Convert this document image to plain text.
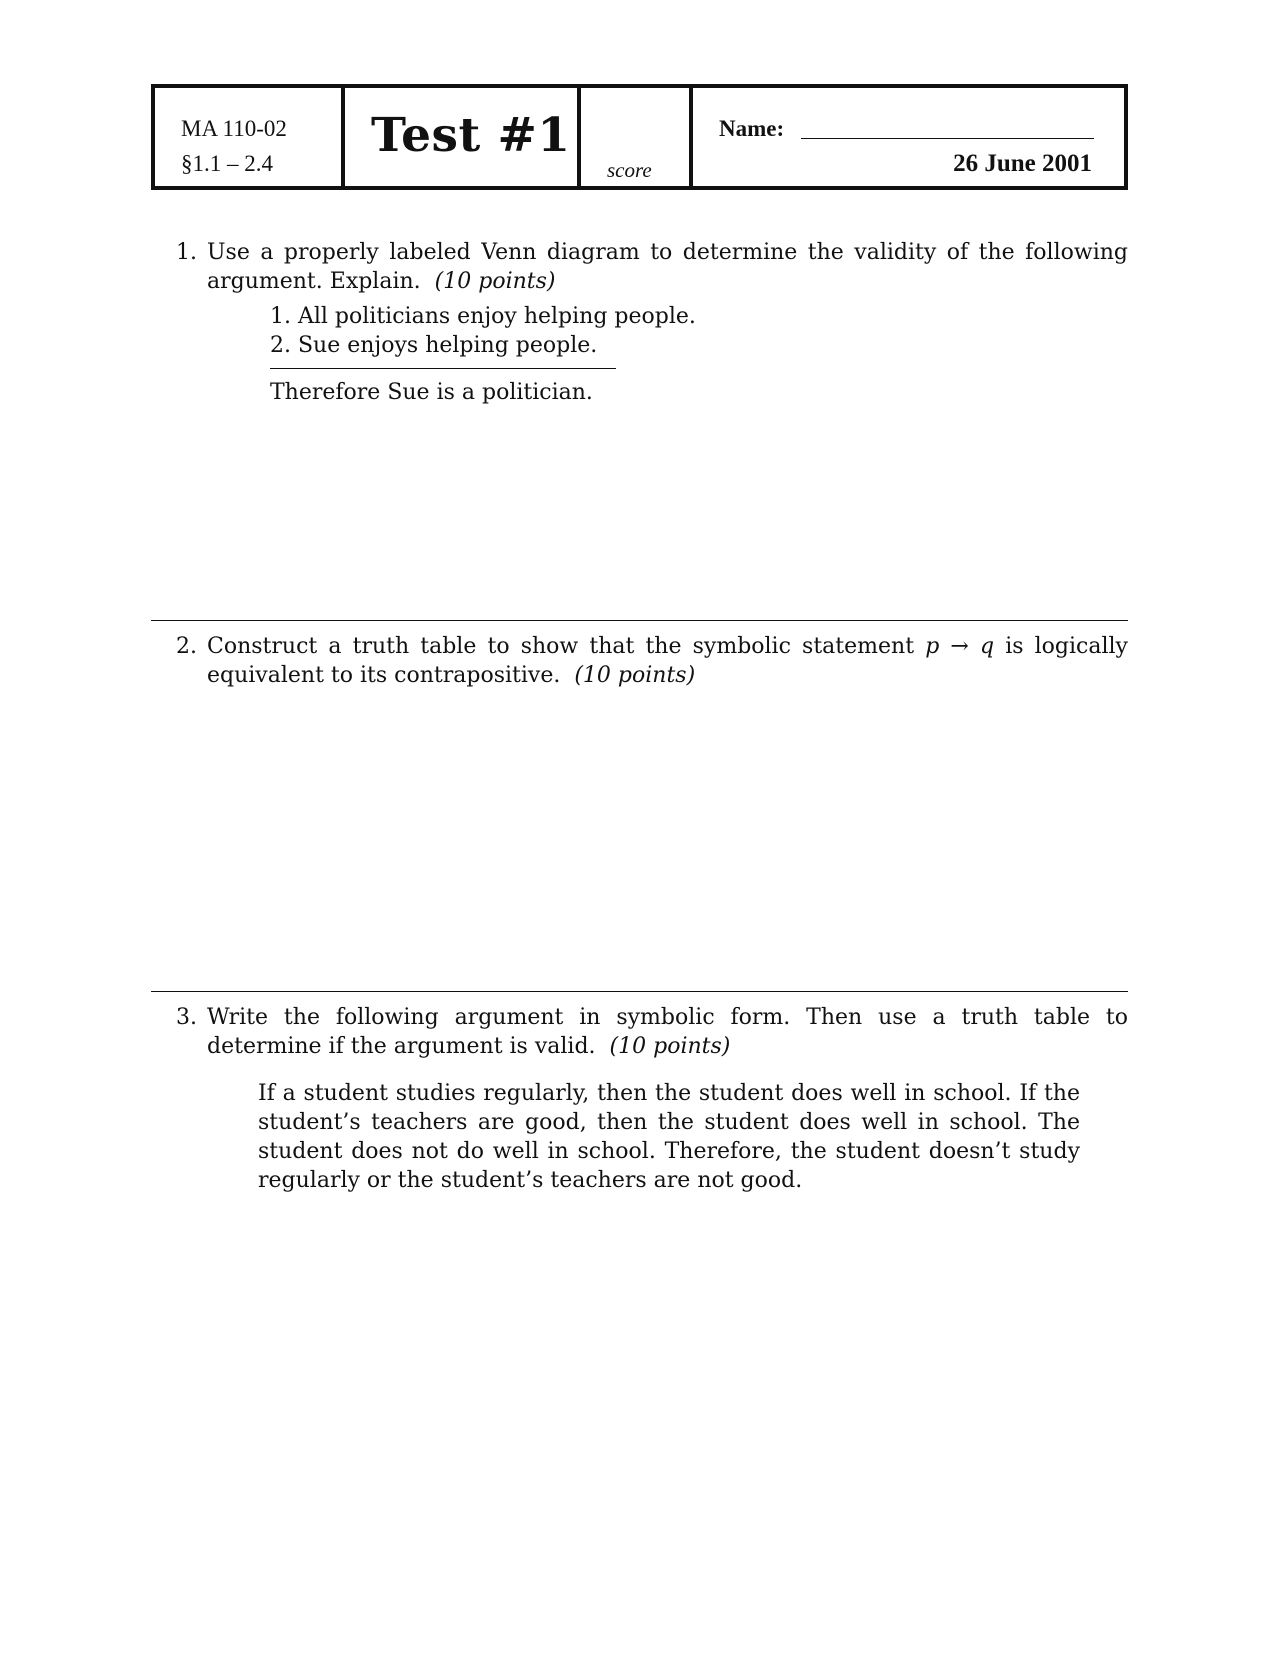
MA 110-02
§1.1 – 2.4
Test #1
score
Name:
26 June 2001
1. Use a properly labeled Venn diagram to determine the validity of the following argument. Explain. (10 points)
1. All politicians enjoy helping people.
2. Sue enjoys helping people.
Therefore Sue is a politician.
2. Construct a truth table to show that the symbolic statement p → q is logically equivalent to its contrapositive. (10 points)
3. Write the following argument in symbolic form. Then use a truth table to determine if the argument is valid. (10 points)
If a student studies regularly, then the student does well in school. If the student’s teachers are good, then the student does well in school. The student does not do well in school. Therefore, the student doesn’t study regularly or the student’s teachers are not good.
